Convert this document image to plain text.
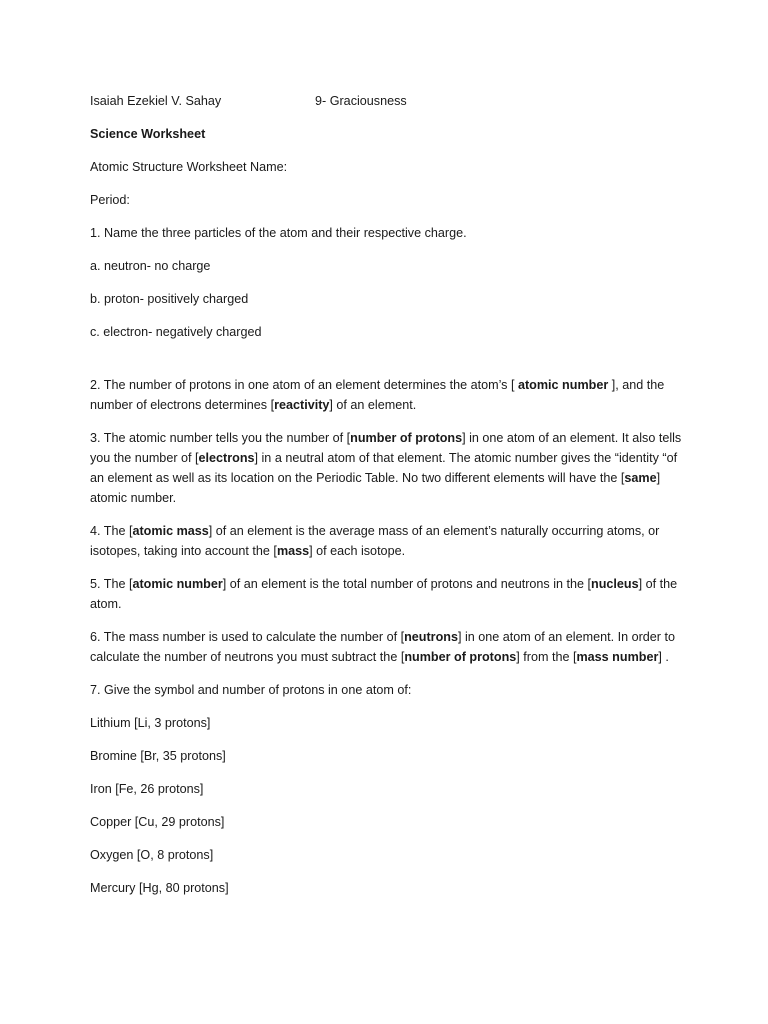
Isaiah Ezekiel V. Sahay	9- Graciousness

Science Worksheet

Atomic Structure Worksheet Name:

Period:

1. Name the three particles of the atom and their respective charge.

a. neutron- no charge

b. proton- positively charged

c. electron- negatively charged

2. The number of protons in one atom of an element determines the atom’s [ atomic number ], and the number of electrons determines [reactivity] of an element.

3. The atomic number tells you the number of [number of protons] in one atom of an element. It also tells you the number of [electrons] in a neutral atom of that element. The atomic number gives the “identity “of an element as well as its location on the Periodic Table. No two different elements will have the [same] atomic number.

4. The [atomic mass] of an element is the average mass of an element’s naturally occurring atoms, or isotopes, taking into account the [mass] of each isotope.

5. The [atomic number] of an element is the total number of protons and neutrons in the [nucleus] of the atom.

6. The mass number is used to calculate the number of [neutrons] in one atom of an element. In order to calculate the number of neutrons you must subtract the [number of protons] from the [mass number] .

7. Give the symbol and number of protons in one atom of:

Lithium [Li, 3 protons]

Bromine [Br, 35 protons]

Iron [Fe, 26 protons]

Copper [Cu, 29 protons]

Oxygen [O, 8 protons]

Mercury [Hg, 80 protons]
